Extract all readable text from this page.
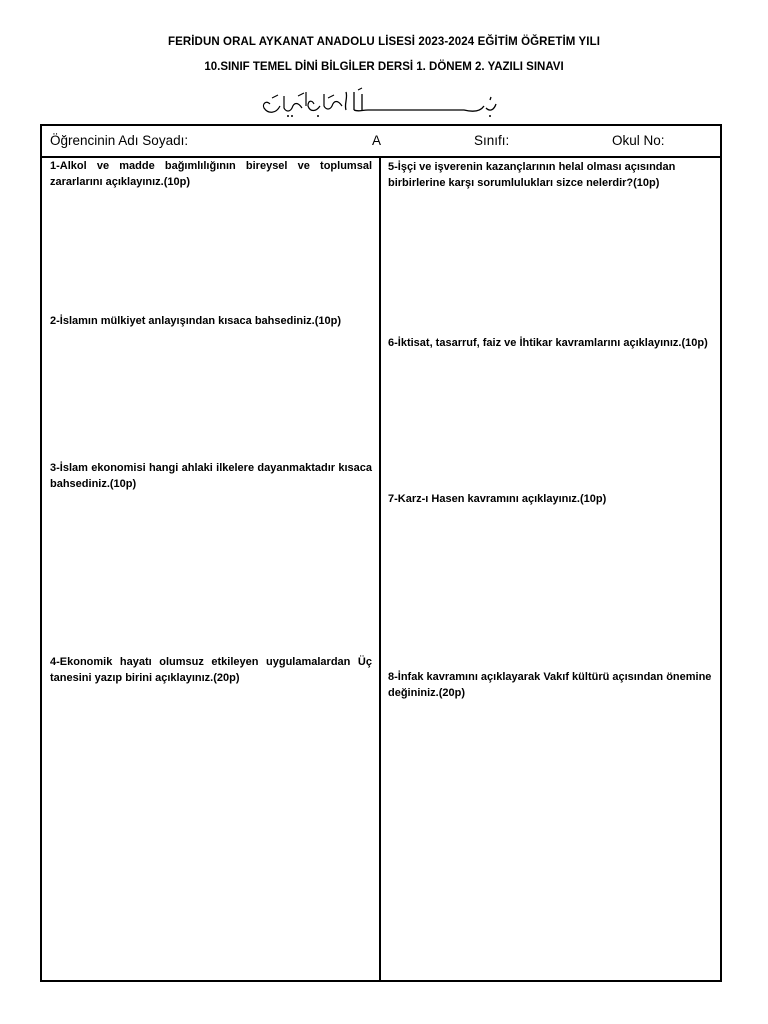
FERİDUN ORAL AYKANAT ANADOLU LİSESİ 2023-2024 EĞİTİM ÖĞRETİM YILI
10.SINIF TEMEL DİNİ BİLGİLER DERSİ 1. DÖNEM 2. YAZILI SINAVI
Öğrencinin Adı Soyadı:	A	Sınıfı:	Okul No:
1-Alkol ve madde bağımlılığının bireysel ve toplumsal zararlarını açıklayınız.(10p)
2-İslamın mülkiyet anlayışından kısaca bahsediniz.(10p)
3-İslam ekonomisi hangi ahlaki ilkelere dayanmaktadır kısaca bahsediniz.(10p)
4-Ekonomik hayatı olumsuz etkileyen uygulamalardan Üç tanesini yazıp birini açıklayınız.(20p)
5-İşçi ve işverenin kazançlarının helal olması açısından birbirlerine karşı sorumlulukları sizce nelerdir?(10p)
6-İktisat, tasarruf, faiz ve İhtikar kavramlarını açıklayınız.(10p)
7-Karz-ı Hasen kavramını açıklayınız.(10p)
8-İnfak kavramını açıklayarak Vakıf kültürü açısından önemine değininiz.(20p)
